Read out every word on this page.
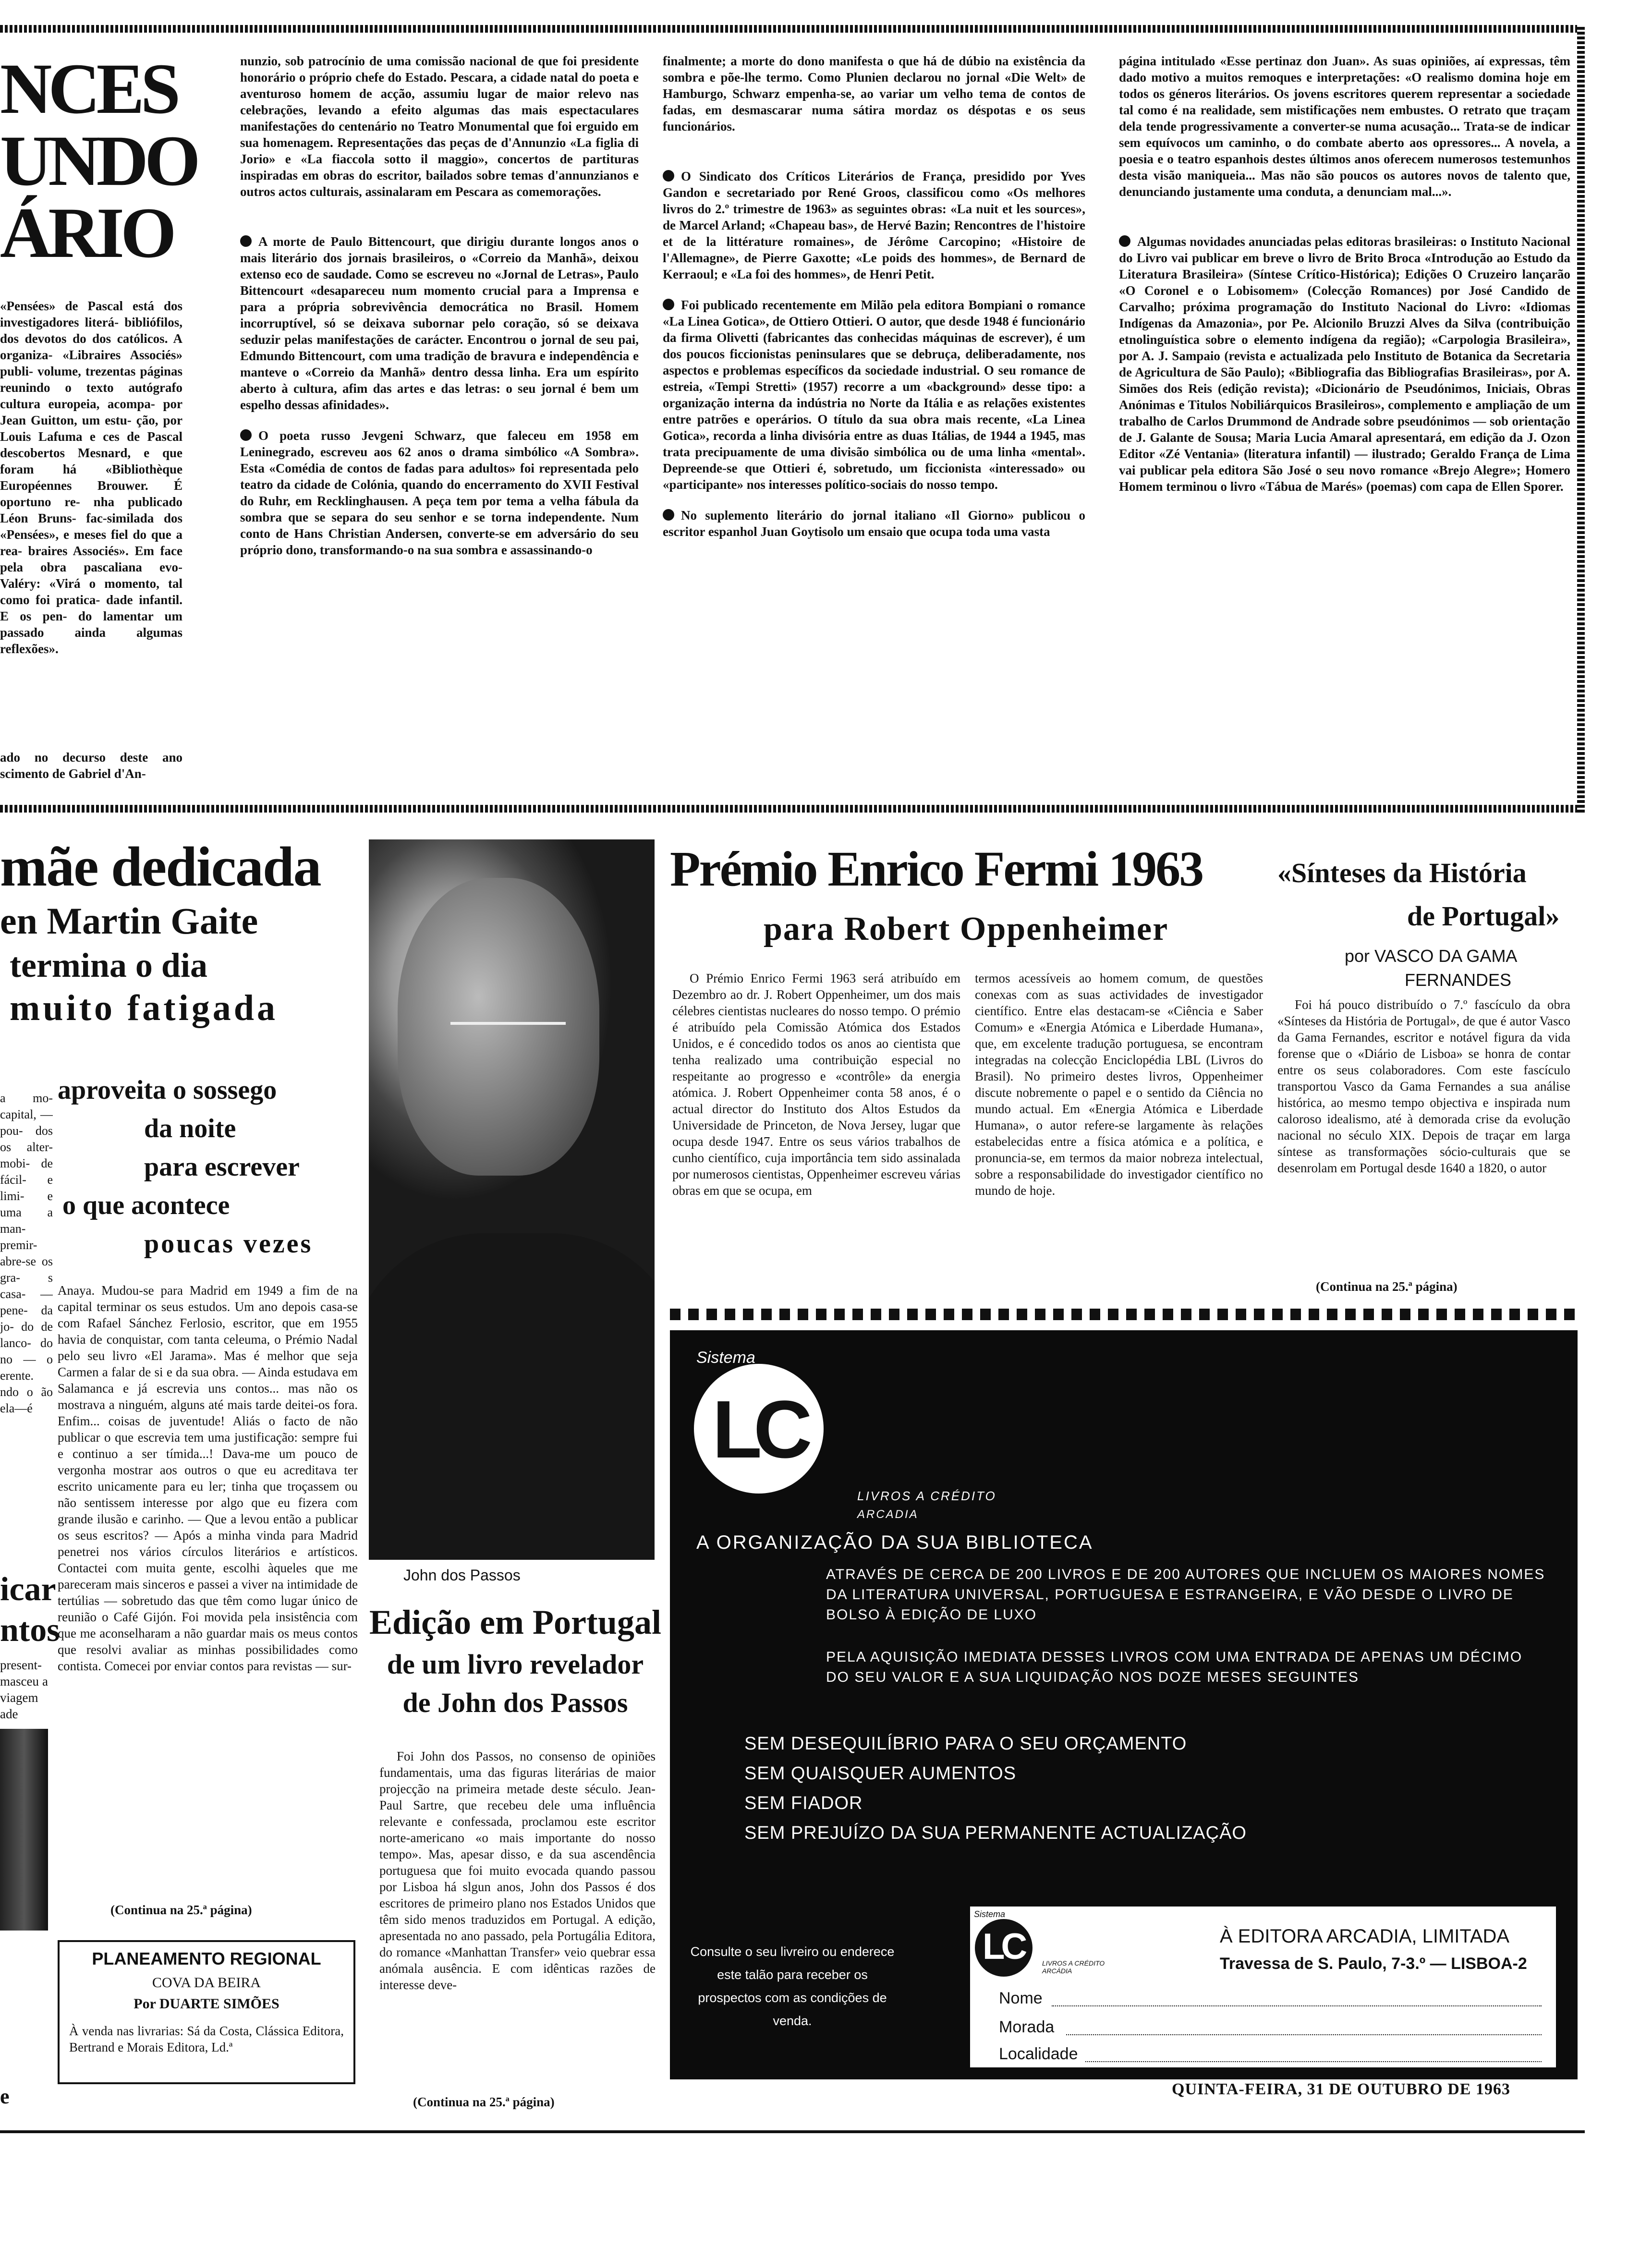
NCES
UNDO
ÁRIO
«Pensées» de Pascal está dos investigadores literá- bibliófilos, dos devotos do dos católicos. A organiza- «Libraires Associés» publi- volume, trezentas páginas reunindo o texto autógrafo cultura europeia, acompa- por Jean Guitton, um estu- ção, por Louis Lafuma e ces de Pascal descobertos Mesnard, e que foram há «Bibliothèque Européennes Brouwer. É oportuno re- nha publicado Léon Bruns- fac-similada dos «Pensées», e meses fiel do que a rea- braires Associés». Em face pela obra pascaliana evo- Valéry: «Virá o momento, tal como foi pratica- dade infantil. E os pen- do lamentar um passado ainda algumas reflexões».
ado no decurso deste ano scimento de Gabriel d'An-
nunzio, sob patrocínio de uma comissão nacional de que foi presidente honorário o próprio chefe do Estado. Pescara, a cidade natal do poeta e aventuroso homem de acção, assumiu lugar de maior relevo nas celebrações, levando a efeito algumas das mais espectaculares manifestações do centenário no Teatro Monumental que foi erguido em sua homenagem. Representações das peças de d'Annunzio «La figlia di Jorio» e «La fiaccola sotto il maggio», concertos de partituras inspiradas em obras do escritor, bailados sobre temas d'annunzianos e outros actos culturais, assinalaram em Pescara as comemorações.
A morte de Paulo Bittencourt, que dirigiu durante longos anos o mais literário dos jornais brasileiros, o «Correio da Manhã», deixou extenso eco de saudade. Como se escreveu no «Jornal de Letras», Paulo Bittencourt «desapareceu num momento crucial para a Imprensa e para a própria sobrevivência democrática no Brasil. Homem incorruptível, só se deixava subornar pelo coração, só se deixava seduzir pelas manifestações de carácter. Encontrou o jornal de seu pai, Edmundo Bittencourt, com uma tradição de bravura e independência e manteve o «Correio da Manhã» dentro dessa linha. Era um espírito aberto à cultura, afim das artes e das letras: o seu jornal é bem um espelho dessas afinidades».
O poeta russo Jevgeni Schwarz, que faleceu em 1958 em Leninegrado, escreveu aos 62 anos o drama simbólico «A Sombra». Esta «Comédia de contos de fadas para adultos» foi representada pelo teatro da cidade de Colónia, quando do encerramento do XVII Festival do Ruhr, em Recklinghausen. A peça tem por tema a velha fábula da sombra que se separa do seu senhor e se torna independente. Num conto de Hans Christian Andersen, converte-se em adversário do seu próprio dono, transformando-o na sua sombra e assassinando-o
finalmente; a morte do dono manifesta o que há de dúbio na existência da sombra e põe-lhe termo. Como Plunien declarou no jornal «Die Welt» de Hamburgo, Schwarz empenha-se, ao variar um velho tema de contos de fadas, em desmascarar numa sátira mordaz os déspotas e os seus funcionários.
O Sindicato dos Críticos Literários de França, presidido por Yves Gandon e secretariado por René Groos, classificou como «Os melhores livros do 2.º trimestre de 1963» as seguintes obras: «La nuit et les sources», de Marcel Arland; «Chapeau bas», de Hervé Bazin; Rencontres de l'histoire et de la littérature romaines», de Jérôme Carcopino; «Histoire de l'Allemagne», de Pierre Gaxotte; «Le poids des hommes», de Bernard de Kerraoul; e «La foi des hommes», de Henri Petit.
Foi publicado recentemente em Milão pela editora Bompiani o romance «La Linea Gotica», de Ottiero Ottieri. O autor, que desde 1948 é funcionário da firma Olivetti (fabricantes das conhecidas máquinas de escrever), é um dos poucos ficcionistas peninsulares que se debruça, deliberadamente, nos aspectos e problemas específicos da sociedade industrial. O seu romance de estreia, «Tempi Stretti» (1957) recorre a um «background» desse tipo: a organização interna da indústria no Norte da Itália e as relações existentes entre patrões e operários. O título da sua obra mais recente, «La Linea Gotica», recorda a linha divisória entre as duas Itálias, de 1944 a 1945, mas trata precipuamente de uma divisão simbólica ou de uma linha «mental». Depreende-se que Ottieri é, sobretudo, um ficcionista «interessado» ou «participante» nos interesses político-sociais do nosso tempo.
No suplemento literário do jornal italiano «Il Giorno» publicou o escritor espanhol Juan Goytisolo um ensaio que ocupa toda uma vasta
página intitulado «Esse pertinaz don Juan». As suas opiniões, aí expressas, têm dado motivo a muitos remoques e interpretações: «O realismo domina hoje em todos os géneros literários. Os jovens escritores querem representar a sociedade tal como é na realidade, sem mistificações nem embustes. O retrato que traçam dela tende progressivamente a converter-se numa acusação... Trata-se de indicar sem equívocos um caminho, o do combate aberto aos opressores... A novela, a poesia e o teatro espanhois destes últimos anos oferecem numerosos testemunhos desta visão maniqueia... Mas não são poucos os autores novos de talento que, denunciando justamente uma conduta, a denunciam mal...».
Algumas novidades anunciadas pelas editoras brasileiras: o Instituto Nacional do Livro vai publicar em breve o livro de Brito Broca «Introdução ao Estudo da Literatura Brasileira» (Síntese Crítico-Histórica); Edições O Cruzeiro lançarão «O Coronel e o Lobisomem» (Colecção Romances) por José Candido de Carvalho; próxima programação do Instituto Nacional do Livro: «Idiomas Indígenas da Amazonia», por Pe. Alcionilo Bruzzi Alves da Silva (contribuição etnolinguística sobre o elemento indígena da região); «Carpologia Brasileira», por A. J. Sampaio (revista e actualizada pelo Instituto de Botanica da Secretaria de Agricultura de São Paulo); «Bibliografia das Bibliografias Brasileiras», por A. Simões dos Reis (edição revista); «Dicionário de Pseudónimos, Iniciais, Obras Anónimas e Titulos Nobiliárquicos Brasileiros», complemento e ampliação de um trabalho de Carlos Drummond de Andrade sobre pseudónimos — sob orientação de J. Galante de Sousa; Maria Lucia Amaral apresentará, em edição da J. Ozon Editor «Zé Ventania» (literatura infantil) — ilustrado; Geraldo França de Lima vai publicar pela editora São José o seu novo romance «Brejo Alegre»; Homero Homem terminou o livro «Tábua de Marés» (poemas) com capa de Ellen Sporer.
mãe dedicada
en Martin Gaite
termina o dia
muito fatigada
aproveita o sossego
da noite
para escrever
o que acontece
poucas vezes
a mo- capital, — pou- dos os alter- mobi- de fácil- e limi- e uma a man- premir- abre-se os gra- s casa- — pene- da jo- do de lanco- do no — o erente. ndo o ão ela—é
icar
ntos
present- masceu a viagem ade
Anaya. Mudou-se para Madrid em 1949 a fim de na capital terminar os seus estudos. Um ano depois casa-se com Rafael Sánchez Ferlosio, escritor, que em 1955 havia de conquistar, com tanta celeuma, o Prémio Nadal pelo seu livro «El Jarama». Mas é melhor que seja Carmen a falar de si e da sua obra. — Ainda estudava em Salamanca e já escrevia uns contos... mas não os mostrava a ninguém, alguns até mais tarde deitei-os fora. Enfim... coisas de juventude! Aliás o facto de não publicar o que escrevia tem uma justificação: sempre fui e continuo a ser tímida...! Dava-me um pouco de vergonha mostrar aos outros o que eu acreditava ter escrito unicamente para eu ler; tinha que troçassem ou não sentissem interesse por algo que eu fizera com grande ilusão e carinho. — Que a levou então a publicar os seus escritos? — Após a minha vinda para Madrid penetrei nos vários círculos literários e artísticos. Contactei com muita gente, escolhi àqueles que me pareceram mais sinceros e passei a viver na intimidade de tertúlias — sobretudo das que têm como lugar único de reunião o Café Gijón. Foi movida pela insistência com que me aconselharam a não guardar mais os meus contos que resolvi avaliar as minhas possibilidades como contista. Comecei por enviar contos para revistas — sur-
(Continua na 25.ª página)
PLANEAMENTO REGIONAL
COVA DA BEIRA
Por DUARTE SIMÕES
À venda nas livrarias: Sá da Costa, Clássica Editora, Bertrand e Morais Editora, Ld.ª
e
John dos Passos
Edição em Portugal
de um livro revelador
de John dos Passos
Foi John dos Passos, no consenso de opiniões fundamentais, uma das figuras literárias de maior projecção na primeira metade deste século. Jean-Paul Sartre, que recebeu dele uma influência relevante e confessada, proclamou este escritor norte-americano «o mais importante do nosso tempo». Mas, apesar disso, e da sua ascendência portuguesa que foi muito evocada quando passou por Lisboa há slgun anos, John dos Passos é dos escritores de primeiro plano nos Estados Unidos que têm sido menos traduzidos em Portugal. A edição, apresentada no ano passado, pela Portugália Editora, do romance «Manhattan Transfer» veio quebrar essa anómala ausência. E com idênticas razões de interesse deve-
(Continua na 25.ª página)
Prémio Enrico Fermi 1963
para Robert Oppenheimer
O Prémio Enrico Fermi 1963 será atribuído em Dezembro ao dr. J. Robert Oppenheimer, um dos mais célebres cientistas nucleares do nosso tempo. O prémio é atribuído pela Comissão Atómica dos Estados Unidos, e é concedido todos os anos ao cientista que tenha realizado uma contribuição especial no respeitante ao progresso e «contrôle» da energia atómica. J. Robert Oppenheimer conta 58 anos, é o actual director do Instituto dos Altos Estudos da Universidade de Princeton, de Nova Jersey, lugar que ocupa desde 1947. Entre os seus vários trabalhos de cunho científico, cuja importância tem sido assinalada por numerosos cientistas, Oppenheimer escreveu várias obras em que se ocupa, em
termos acessíveis ao homem comum, de questões conexas com as suas actividades de investigador científico. Entre elas destacam-se «Ciência e Saber Comum» e «Energia Atómica e Liberdade Humana», que, em excelente tradução portuguesa, se encontram integradas na colecção Enciclopédia LBL (Livros do Brasil). No primeiro destes livros, Oppenheimer discute nobremente o papel e o sentido da Ciência no mundo actual. Em «Energia Atómica e Liberdade Humana», o autor refere-se largamente às relações estabelecidas entre a física atómica e a política, e pronuncia-se, em termos da maior nobreza intelectual, sobre a responsabilidade do investigador científico no mundo de hoje.
«Sínteses da História
de Portugal»
por VASCO DA GAMA
FERNANDES
Foi há pouco distribuído o 7.º fascículo da obra «Sínteses da História de Portugal», de que é autor Vasco da Gama Fernandes, escritor e notável figura da vida forense que o «Diário de Lisboa» se honra de contar entre os seus colaboradores. Com este fascículo transportou Vasco da Gama Fernandes a sua análise histórica, ao mesmo tempo objectiva e inspirada num caloroso idealismo, até à demorada crise da evolução nacional no século XIX. Depois de traçar em larga síntese as transformações sócio-culturais que se desenrolam em Portugal desde 1640 a 1820, o autor
(Continua na 25.ª página)
Sistema
LC
LIVROS A CRÉDITO
ARCADIA
A ORGANIZAÇÃO DA SUA BIBLIOTECA
ATRAVÉS DE CERCA DE 200 LIVROS E DE 200 AUTORES QUE INCLUEM OS MAIORES NOMES DA LITERATURA UNIVERSAL, PORTUGUESA E ESTRANGEIRA, E VÃO DESDE O LIVRO DE BOLSO À EDIÇÃO DE LUXO
PELA AQUISIÇÃO IMEDIATA DESSES LIVROS COM UMA ENTRADA DE APENAS UM DÉCIMO DO SEU VALOR E A SUA LIQUIDAÇÃO NOS DOZE MESES SEGUINTES
SEM DESEQUILÍBRIO PARA O SEU ORÇAMENTO
SEM QUAISQUER AUMENTOS
SEM FIADOR
SEM PREJUÍZO DA SUA PERMANENTE ACTUALIZAÇÃO
Consulte o seu livreiro ou enderece este talão para receber os prospectos com as condições de venda.
Sistema
LC	LIVROS A CRÉDITO ARCÁDIA
À EDITORA ARCADIA, LIMITADA
Travessa de S. Paulo, 7-3.º — LISBOA-2
Nome
Morada
Localidade
QUINTA-FEIRA, 31 DE OUTUBRO DE 1963
